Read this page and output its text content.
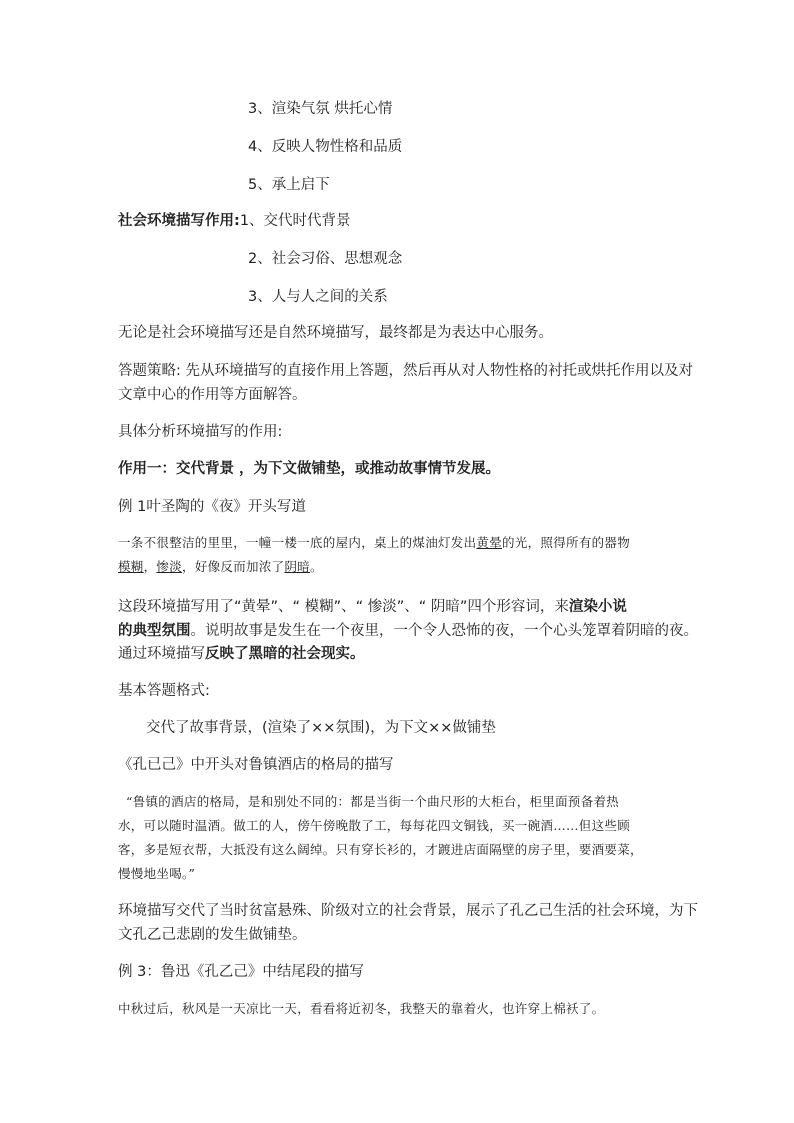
3、渲染气氛 烘托心情
4、反映人物性格和品质
5、承上启下
社会环境描写作用:1、交代时代背景
2、社会习俗、思想观念
3、人与人之间的关系
无论是社会环境描写还是自然环境描写，最终都是为表达中心服务。
答题策略: 先从环境描写的直接作用上答题，然后再从对人物性格的衬托或烘托作用以及对
文章中心的作用等方面解答。
具体分析环境描写的作用:
作用一：交代背景 ，为下文做铺垫，或推动故事情节发展。
例 1叶圣陶的《夜》开头写道
一条不很整洁的里里，一幢一楼一底的屋内，桌上的煤油灯发出黄晕的光，照得所有的器物
模糊，惨淡，好像反而加浓了阴暗。
这段环境描写用了“黄晕”、“ 模糊”、“ 惨淡”、“ 阴暗”四个形容词，来渲染小说
的典型氛围。说明故事是发生在一个夜里，一个令人恐怖的夜，一个心头笼罩着阴暗的夜。
通过环境描写反映了黑暗的社会现实。
基本答题格式:
交代了故事背景，(渲染了××氛围)，为下文××做铺垫
《孔已己》中开头对鲁镇酒店的格局的描写
“鲁镇的酒店的格局，是和别处不同的：都是当街一个曲尺形的大柜台，柜里面预备着热
水，可以随时温酒。做工的人，傍午傍晚散了工，每每花四文铜钱，买一碗酒……但这些顾
客，多是短衣帮，大抵没有这么阔绰。只有穿长衫的，才踱进店面隔壁的房子里，要酒要菜，
慢慢地坐喝。”
环境描写交代了当时贫富悬殊、阶级对立的社会背景，展示了孔乙己生活的社会环境，为下
文孔乙己悲剧的发生做铺垫。
例 3：鲁迅《孔乙己》中结尾段的描写
中秋过后，秋风是一天凉比一天，看看将近初冬，我整天的靠着火，也许穿上棉袄了。
